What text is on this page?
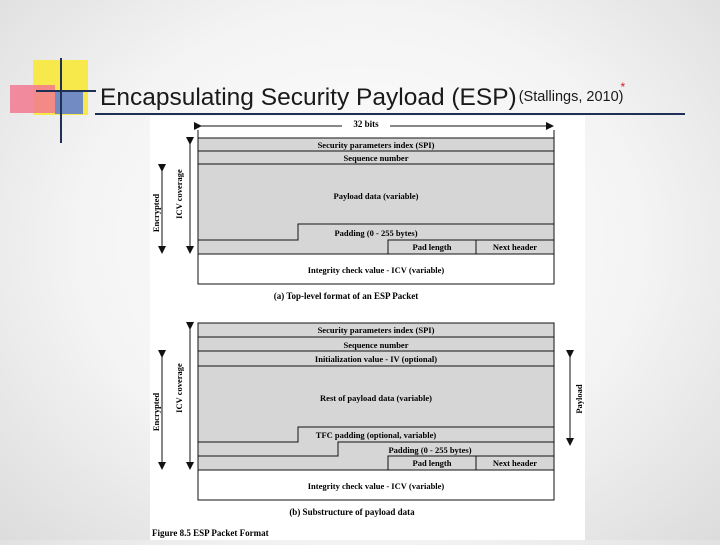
Encapsulating Security Payload (ESP) (Stallings, 2010)*
32 bits
Security parameters index (SPI)
Sequence number
Payload data (variable)
Padding (0 - 255 bytes)
Pad length	Next header
Integrity check value - ICV (variable)
(a) Top-level format of an ESP Packet
ICV coverage
Encrypted
Security parameters index (SPI)
Sequence number
Initialization value - IV (optional)
Rest of payload data (variable)
TFC padding (optional, variable)
Padding (0 - 255 bytes)
Pad length	Next header
Integrity check value - ICV (variable)
(b) Substructure of payload data
ICV coverage
Encrypted	Payload
Figure 8.5 ESP Packet Format
